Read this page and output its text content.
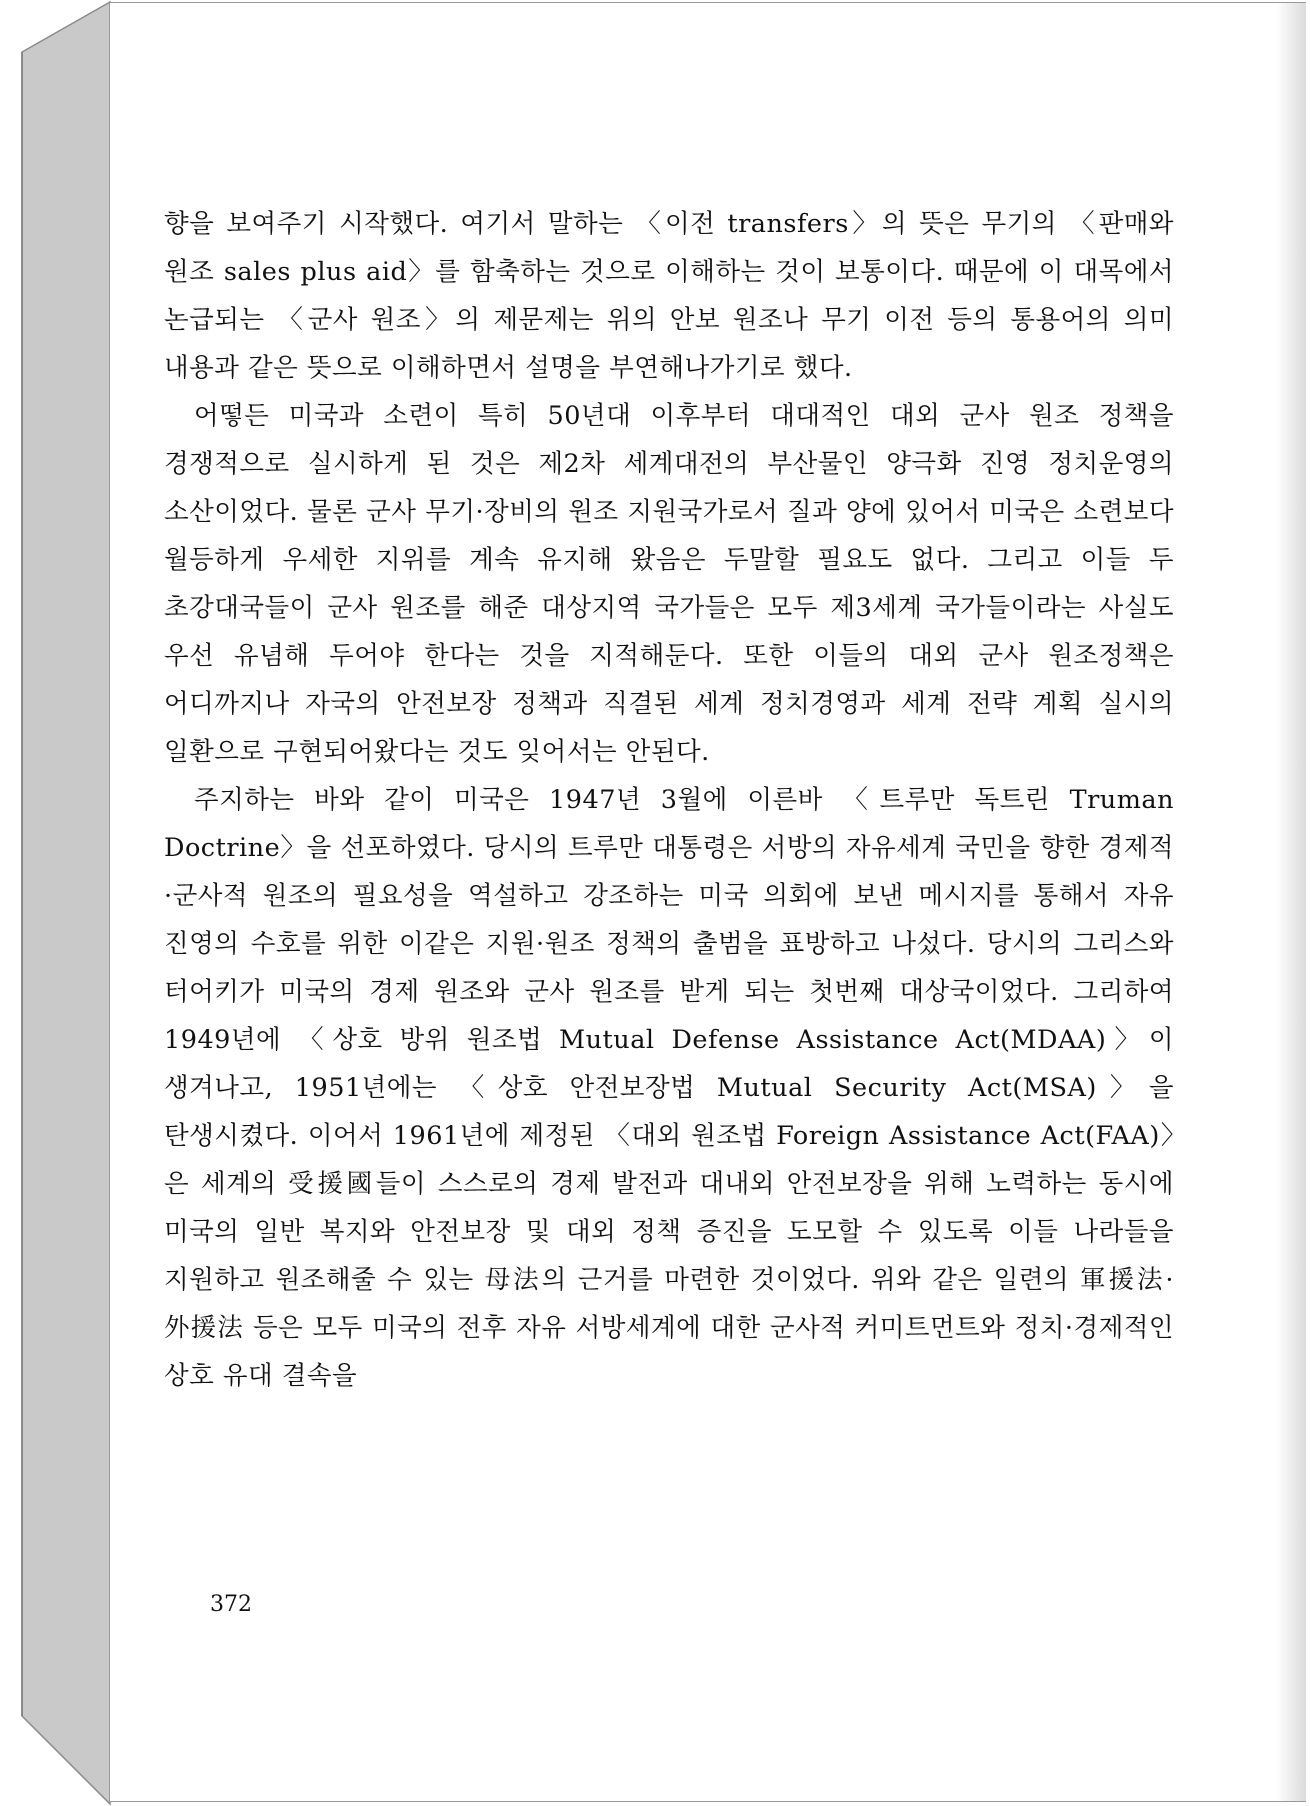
향을 보여주기 시작했다. 여기서 말하는 〈이전 transfers〉의 뜻은 무기의 〈판매와 원조 sales plus aid〉를 함축하는 것으로 이해하는 것이 보통이다. 때문에 이 대목에서 논급되는 〈군사 원조〉의 제문제는 위의 안보 원조나 무기 이전 등의 통용어의 의미 내용과 같은 뜻으로 이해하면서 설명을 부연해나가기로 했다.

어떻든 미국과 소련이 특히 50년대 이후부터 대대적인 대외 군사 원조 정책을 경쟁적으로 실시하게 된 것은 제2차 세계대전의 부산물인 양극화 진영 정치운영의 소산이었다. 물론 군사 무기·장비의 원조 지원국가로서 질과 양에 있어서 미국은 소련보다 월등하게 우세한 지위를 계속 유지해 왔음은 두말할 필요도 없다. 그리고 이들 두 초강대국들이 군사 원조를 해준 대상지역 국가들은 모두 제3세계 국가들이라는 사실도 우선 유념해 두어야 한다는 것을 지적해둔다. 또한 이들의 대외 군사 원조정책은 어디까지나 자국의 안전보장 정책과 직결된 세계 정치경영과 세계 전략 계획 실시의 일환으로 구현되어왔다는 것도 잊어서는 안된다.

주지하는 바와 같이 미국은 1947년 3월에 이른바 〈트루만 독트린 Truman Doctrine〉을 선포하였다. 당시의 트루만 대통령은 서방의 자유세계 국민을 향한 경제적·군사적 원조의 필요성을 역설하고 강조하는 미국 의회에 보낸 메시지를 통해서 자유 진영의 수호를 위한 이같은 지원·원조 정책의 출범을 표방하고 나섰다. 당시의 그리스와 터어키가 미국의 경제 원조와 군사 원조를 받게 되는 첫번째 대상국이었다. 그리하여 1949년에 〈상호 방위 원조법 Mutual Defense Assistance Act(MDAA)〉이 생겨나고, 1951년에는 〈상호 안전보장법 Mutual Security Act(MSA)〉을 탄생시켰다. 이어서 1961년에 제정된 〈대외 원조법 Foreign Assistance Act(FAA)〉은 세계의 受援國들이 스스로의 경제 발전과 대내외 안전보장을 위해 노력하는 동시에 미국의 일반 복지와 안전보장 및 대외 정책 증진을 도모할 수 있도록 이들 나라들을 지원하고 원조해줄 수 있는 母法의 근거를 마련한 것이었다. 위와 같은 일련의 軍援法·外援法 등은 모두 미국의 전후 자유 서방세계에 대한 군사적 커미트먼트와 정치·경제적인 상호 유대 결속을

372
